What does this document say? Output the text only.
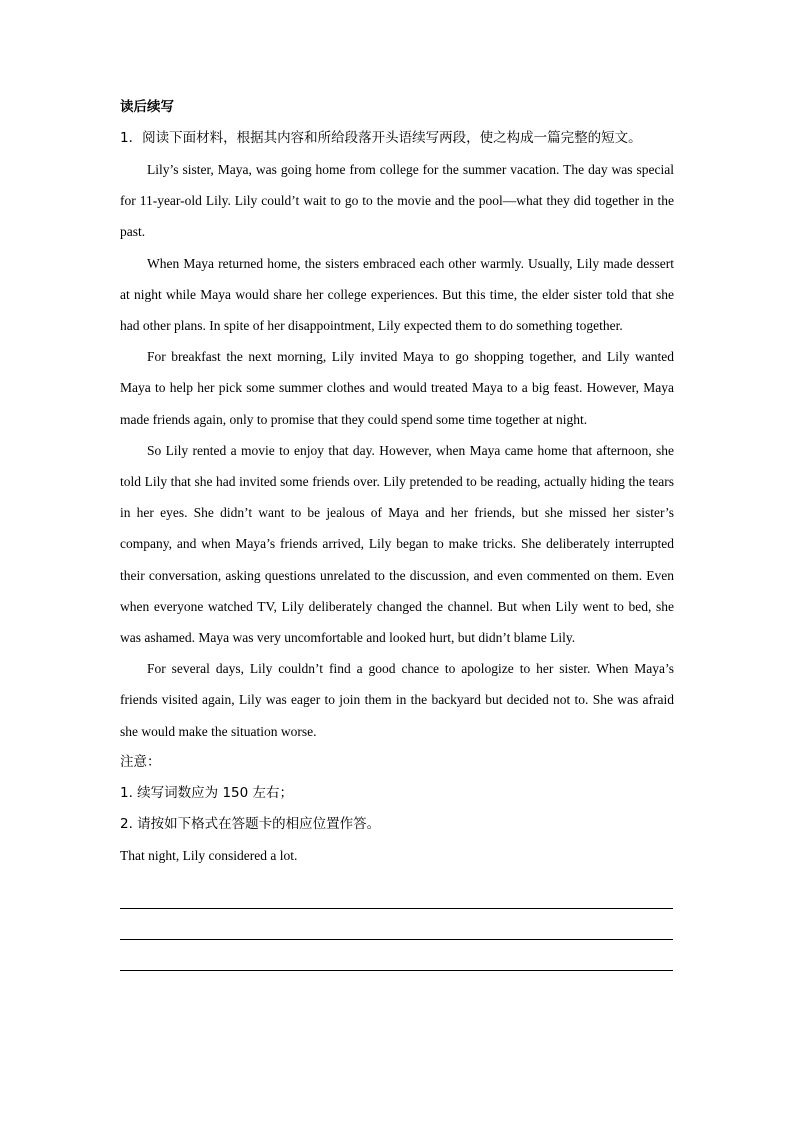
读后续写
1．阅读下面材料，根据其内容和所给段落开头语续写两段，使之构成一篇完整的短文。

Lily’s sister, Maya, was going home from college for the summer vacation. The day was special for 11-year-old Lily. Lily could’t wait to go to the movie and the pool—what they did together in the past.

When Maya returned home, the sisters embraced each other warmly. Usually, Lily made dessert at night while Maya would share her college experiences. But this time, the elder sister told that she had other plans. In spite of her disappointment, Lily expected them to do something together.

For breakfast the next morning, Lily invited Maya to go shopping together, and Lily wanted Maya to help her pick some summer clothes and would treated Maya to a big feast. However, Maya made friends again, only to promise that they could spend some time together at night.

So Lily rented a movie to enjoy that day. However, when Maya came home that afternoon, she told Lily that she had invited some friends over. Lily pretended to be reading, actually hiding the tears in her eyes. She didn’t want to be jealous of Maya and her friends, but she missed her sister’s company, and when Maya’s friends arrived, Lily began to make tricks. She deliberately interrupted their conversation, asking questions unrelated to the discussion, and even commented on them. Even when everyone watched TV, Lily deliberately changed the channel. But when Lily went to bed, she was ashamed. Maya was very uncomfortable and looked hurt, but didn’t blame Lily.

For several days, Lily couldn’t find a good chance to apologize to her sister. When Maya’s friends visited again, Lily was eager to join them in the backyard but decided not to. She was afraid she would make the situation worse.

注意：
1. 续写词数应为 150 左右；
2. 请按如下格式在答题卡的相应位置作答。
That night, Lily considered a lot.
